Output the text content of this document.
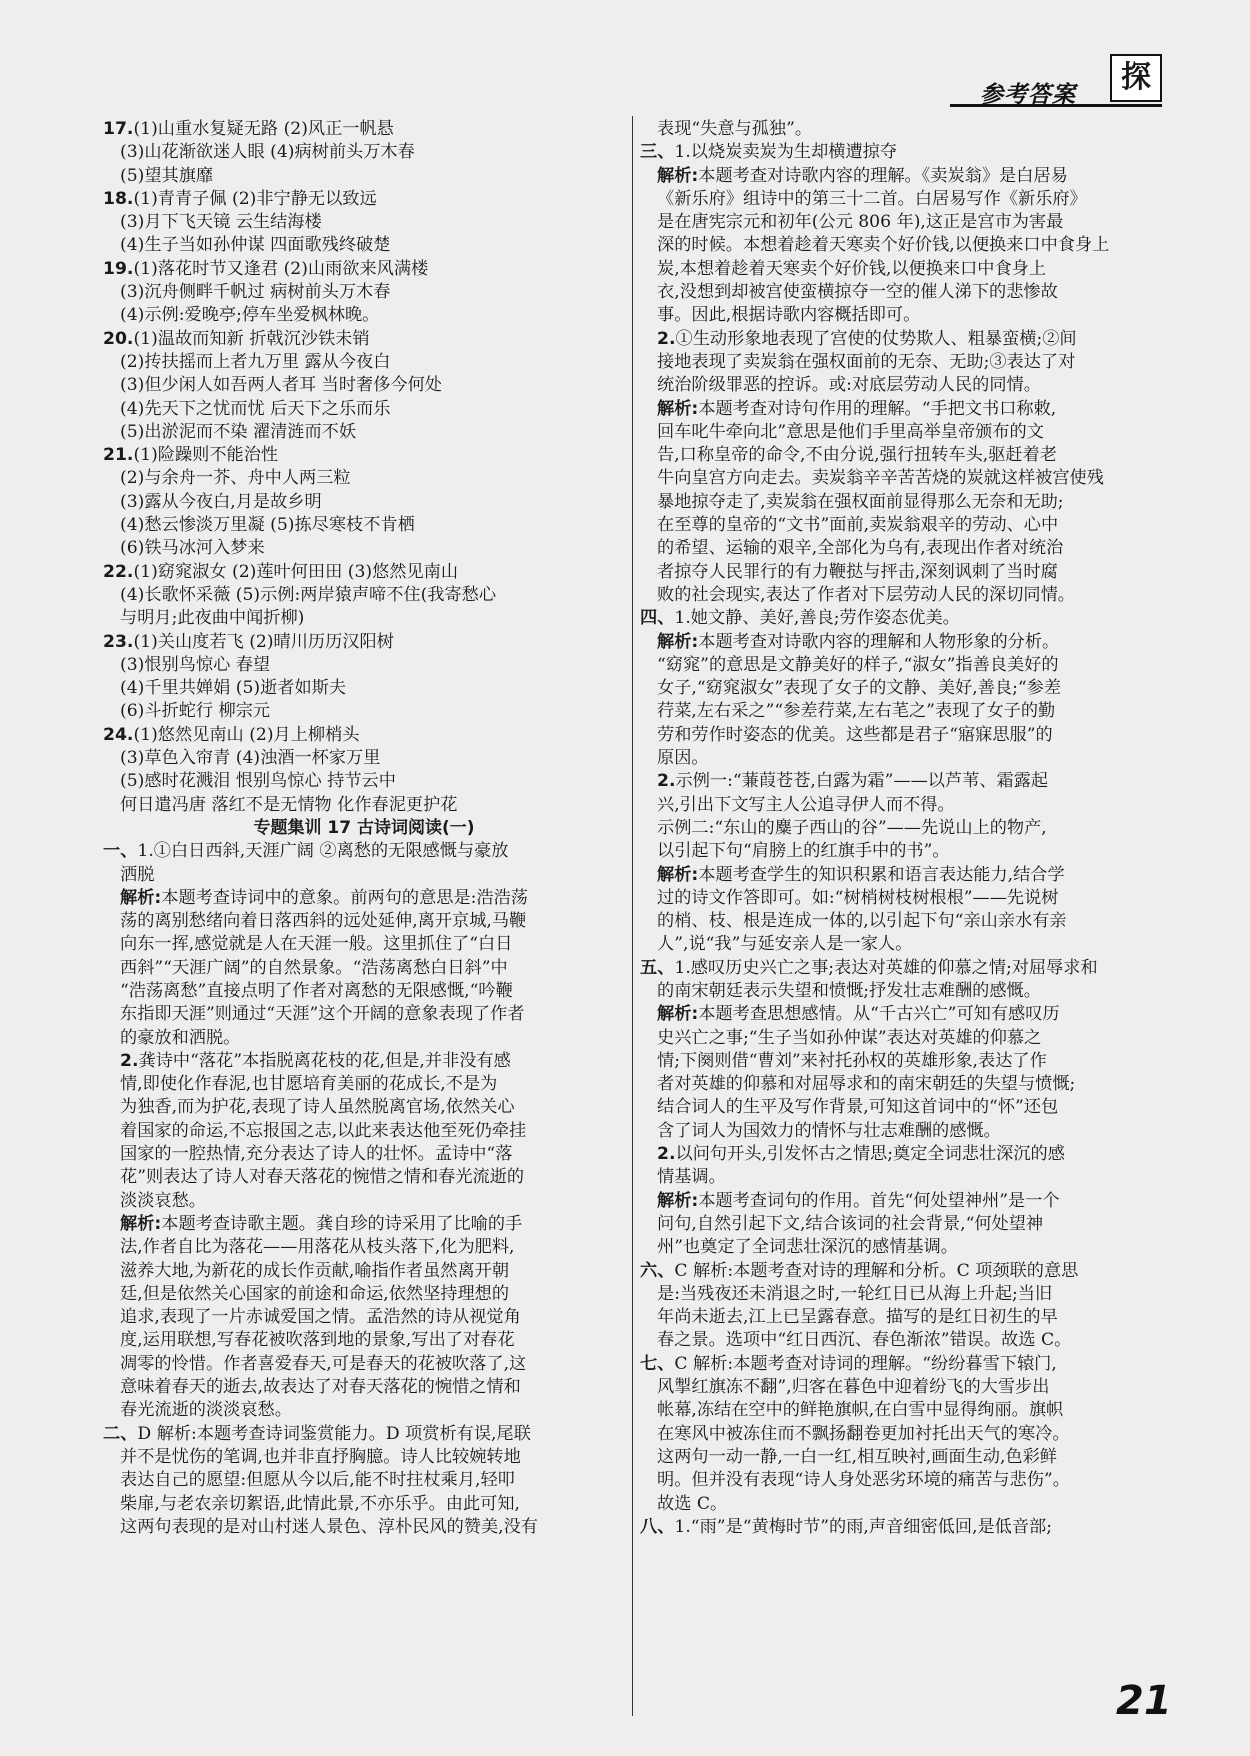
参考答案	探
17.(1)山重水复疑无路 (2)风正一帆悬
(3)山花渐欲迷人眼 (4)病树前头万木春
(5)望其旗靡
18.(1)青青子佩 (2)非宁静无以致远
(3)月下飞天镜 云生结海楼
(4)生子当如孙仲谋 四面歌残终破楚
19.(1)落花时节又逢君 (2)山雨欲来风满楼
(3)沉舟侧畔千帆过 病树前头万木春
(4)示例:爱晚亭;停车坐爱枫林晚。
20.(1)温故而知新 折戟沉沙铁未销
(2)抟扶摇而上者九万里 露从今夜白
(3)但少闲人如吾两人者耳 当时奢侈今何处
(4)先天下之忧而忧 后天下之乐而乐
(5)出淤泥而不染 濯清涟而不妖
21.(1)险躁则不能治性
(2)与余舟一芥、舟中人两三粒
(3)露从今夜白,月是故乡明
(4)愁云惨淡万里凝 (5)拣尽寒枝不肯栖
(6)铁马冰河入梦来
22.(1)窈窕淑女 (2)莲叶何田田 (3)悠然见南山
(4)长歌怀采薇 (5)示例:两岸猿声啼不住(我寄愁心
与明月;此夜曲中闻折柳)
23.(1)关山度若飞 (2)晴川历历汉阳树
(3)恨别鸟惊心 春望
(4)千里共婵娟 (5)逝者如斯夫
(6)斗折蛇行 柳宗元
24.(1)悠然见南山 (2)月上柳梢头
(3)草色入帘青 (4)浊酒一杯家万里
(5)感时花溅泪 恨别鸟惊心 持节云中
何日遣冯唐 落红不是无情物 化作春泥更护花
专题集训 17 古诗词阅读(一)
一、1.①白日西斜,天涯广阔 ②离愁的无限感慨与豪放
洒脱
解析:本题考查诗词中的意象。前两句的意思是:浩浩荡
荡的离别愁绪向着日落西斜的远处延伸,离开京城,马鞭
向东一挥,感觉就是人在天涯一般。这里抓住了“白日
西斜”“天涯广阔”的自然景象。“浩荡离愁白日斜”中
“浩荡离愁”直接点明了作者对离愁的无限感慨,“吟鞭
东指即天涯”则通过“天涯”这个开阔的意象表现了作者
的豪放和洒脱。
2.龚诗中“落花”本指脱离花枝的花,但是,并非没有感
情,即使化作春泥,也甘愿培育美丽的花成长,不是为
为独香,而为护花,表现了诗人虽然脱离官场,依然关心
着国家的命运,不忘报国之志,以此来表达他至死仍牵挂
国家的一腔热情,充分表达了诗人的壮怀。孟诗中“落
花”则表达了诗人对春天落花的惋惜之情和春光流逝的
淡淡哀愁。
解析:本题考查诗歌主题。龚自珍的诗采用了比喻的手
法,作者自比为落花——用落花从枝头落下,化为肥料,
滋养大地,为新花的成长作贡献,喻指作者虽然离开朝
廷,但是依然关心国家的前途和命运,依然坚持理想的
追求,表现了一片赤诚爱国之情。孟浩然的诗从视觉角
度,运用联想,写春花被吹落到地的景象,写出了对春花
凋零的怜惜。作者喜爱春天,可是春天的花被吹落了,这
意味着春天的逝去,故表达了对春天落花的惋惜之情和
春光流逝的淡淡哀愁。
二、D 解析:本题考查诗词鉴赏能力。D 项赏析有误,尾联
并不是忧伤的笔调,也并非直抒胸臆。诗人比较婉转地
表达自己的愿望:但愿从今以后,能不时拄杖乘月,轻叩
柴扉,与老农亲切絮语,此情此景,不亦乐乎。由此可知,
这两句表现的是对山村迷人景色、淳朴民风的赞美,没有
表现“失意与孤独”。
三、1.以烧炭卖炭为生却横遭掠夺
解析:本题考查对诗歌内容的理解。《卖炭翁》是白居易
《新乐府》组诗中的第三十二首。白居易写作《新乐府》
是在唐宪宗元和初年(公元 806 年),这正是宫市为害最
深的时候。本想着趁着天寒卖个好价钱,以便换来口中食身上
炭,本想着趁着天寒卖个好价钱,以便换来口中食身上
衣,没想到却被宫使蛮横掠夺一空的催人涕下的悲惨故
事。因此,根据诗歌内容概括即可。
2.①生动形象地表现了宫使的仗势欺人、粗暴蛮横;②间
接地表现了卖炭翁在强权面前的无奈、无助;③表达了对
统治阶级罪恶的控诉。或:对底层劳动人民的同情。
解析:本题考查对诗句作用的理解。“手把文书口称敕,
回车叱牛牵向北”意思是他们手里高举皇帝颁布的文
告,口称皇帝的命令,不由分说,强行扭转车头,驱赶着老
牛向皇宫方向走去。卖炭翁辛辛苦苦烧的炭就这样被宫使残
暴地掠夺走了,卖炭翁在强权面前显得那么无奈和无助;
在至尊的皇帝的“文书”面前,卖炭翁艰辛的劳动、心中
的希望、运输的艰辛,全部化为乌有,表现出作者对统治
者掠夺人民罪行的有力鞭挞与抨击,深刻讽刺了当时腐
败的社会现实,表达了作者对下层劳动人民的深切同情。
四、1.她文静、美好,善良;劳作姿态优美。
解析:本题考查对诗歌内容的理解和人物形象的分析。
“窈窕”的意思是文静美好的样子,“淑女”指善良美好的
女子,“窈窕淑女”表现了女子的文静、美好,善良;“参差
荇菜,左右采之”“参差荇菜,左右芼之”表现了女子的勤
劳和劳作时姿态的优美。这些都是君子“寤寐思服”的
原因。
2.示例一:“蒹葭苍苍,白露为霜”——以芦苇、霜露起
兴,引出下文写主人公追寻伊人而不得。
示例二:“东山的麋子西山的谷”——先说山上的物产,
以引起下句“肩膀上的红旗手中的书”。
解析:本题考查学生的知识积累和语言表达能力,结合学
过的诗文作答即可。如:“树梢树枝树根根”——先说树
的梢、枝、根是连成一体的,以引起下句“亲山亲水有亲
人”,说“我”与延安亲人是一家人。
五、1.感叹历史兴亡之事;表达对英雄的仰慕之情;对屈辱求和
的南宋朝廷表示失望和愤慨;抒发壮志难酬的感慨。
解析:本题考查思想感情。从“千古兴亡”可知有感叹历
史兴亡之事;“生子当如孙仲谋”表达对英雄的仰慕之
情;下阕则借“曹刘”来衬托孙权的英雄形象,表达了作
者对英雄的仰慕和对屈辱求和的南宋朝廷的失望与愤慨;
结合词人的生平及写作背景,可知这首词中的“怀”还包
含了词人为国效力的情怀与壮志难酬的感慨。
2.以问句开头,引发怀古之情思;奠定全词悲壮深沉的感
情基调。
解析:本题考查词句的作用。首先“何处望神州”是一个
问句,自然引起下文,结合该词的社会背景,“何处望神
州”也奠定了全词悲壮深沉的感情基调。
六、C 解析:本题考查对诗的理解和分析。C 项颈联的意思
是:当残夜还未消退之时,一轮红日已从海上升起;当旧
年尚未逝去,江上已呈露春意。描写的是红日初生的早
春之景。选项中“红日西沉、春色渐浓”错误。故选 C。
七、C 解析:本题考查对诗词的理解。“纷纷暮雪下辕门,
风掣红旗冻不翻”,归客在暮色中迎着纷飞的大雪步出
帐幕,冻结在空中的鲜艳旗帜,在白雪中显得绚丽。旗帜
在寒风中被冻住而不飘扬翻卷更加衬托出天气的寒冷。
这两句一动一静,一白一红,相互映衬,画面生动,色彩鲜
明。但并没有表现“诗人身处恶劣环境的痛苦与悲伤”。
故选 C。
八、1.“雨”是“黄梅时节”的雨,声音细密低回,是低音部;
21
